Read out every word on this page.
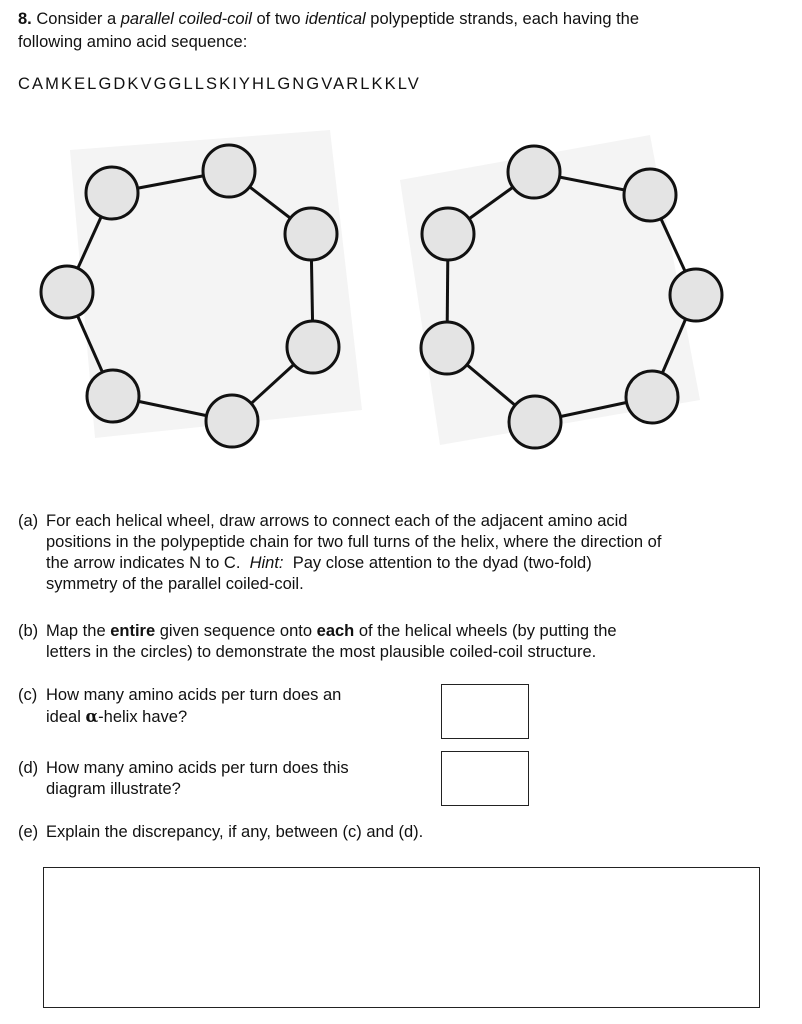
8. Consider a parallel coiled-coil of two identical polypeptide strands, each having the
following amino acid sequence:
CAMKELGDKVGGLLSKIYHLGNGVARLKKLV
(a) For each helical wheel, draw arrows to connect each of the adjacent amino acid
positions in the polypeptide chain for two full turns of the helix, where the direction of
the arrow indicates N to C. Hint: Pay close attention to the dyad (two-fold)
symmetry of the parallel coiled-coil.
(b) Map the entire given sequence onto each of the helical wheels (by putting the
letters in the circles) to demonstrate the most plausible coiled-coil structure.
(c) How many amino acids per turn does an
ideal α-helix have?
(d) How many amino acids per turn does this
diagram illustrate?
(e) Explain the discrepancy, if any, between (c) and (d).
